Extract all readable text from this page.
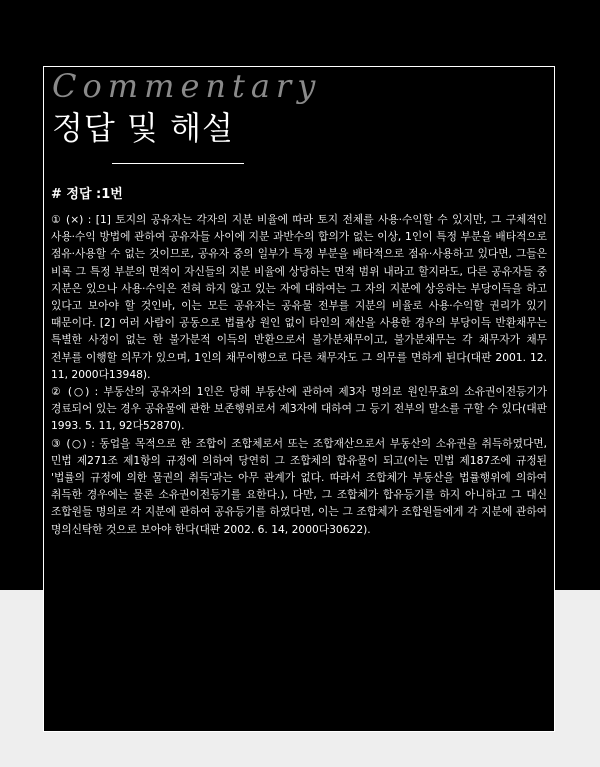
Commentary
정답 및 해설
# 정답 :1번

① (×) : [1] 토지의 공유자는 각자의 지분 비율에 따라 토지 전체를 사용·수익할 수 있지만, 그 구체적인 사용·수익 방법에 관하여 공유자들 사이에 지분 과반수의 합의가 없는 이상, 1인이 특정 부분을 배타적으로 점유·사용할 수 없는 것이므로, 공유자 중의 일부가 특정 부분을 배타적으로 점유·사용하고 있다면, 그들은 비록 그 특정 부분의 면적이 자신들의 지분 비율에 상당하는 면적 범위 내라고 할지라도, 다른 공유자들 중 지분은 있으나 사용·수익은 전혀 하지 않고 있는 자에 대하여는 그 자의 지분에 상응하는 부당이득을 하고 있다고 보아야 할 것인바, 이는 모든 공유자는 공유물 전부를 지분의 비율로 사용·수익할 권리가 있기 때문이다. [2] 여러 사람이 공동으로 법률상 원인 없이 타인의 재산을 사용한 경우의 부당이득 반환채무는 특별한 사정이 없는 한 불가분적 이득의 반환으로서 불가분채무이고, 불가분채무는 각 채무자가 채무 전부를 이행할 의무가 있으며, 1인의 채무이행으로 다른 채무자도 그 의무를 면하게 된다(대판 2001. 12. 11, 2000다13948).

② (○) : 부동산의 공유자의 1인은 당해 부동산에 관하여 제3자 명의로 원인무효의 소유권이전등기가 경료되어 있는 경우 공유물에 관한 보존행위로서 제3자에 대하여 그 등기 전부의 말소를 구할 수 있다(대판 1993. 5. 11, 92다52870).

③ (○) : 동업을 목적으로 한 조합이 조합체로서 또는 조합재산으로서 부동산의 소유권을 취득하였다면, 민법 제271조 제1항의 규정에 의하여 당연히 그 조합체의 합유물이 되고(이는 민법 제187조에 규정된 '법률의 규정에 의한 물권의 취득'과는 아무 관계가 없다. 따라서 조합체가 부동산을 법률행위에 의하여 취득한 경우에는 물론 소유권이전등기를 요한다.), 다만, 그 조합체가 합유등기를 하지 아니하고 그 대신 조합원들 명의로 각 지분에 관하여 공유등기를 하였다면, 이는 그 조합체가 조합원들에게 각 지분에 관하여 명의신탁한 것으로 보아야 한다(대판 2002. 6. 14, 2000다30622).
